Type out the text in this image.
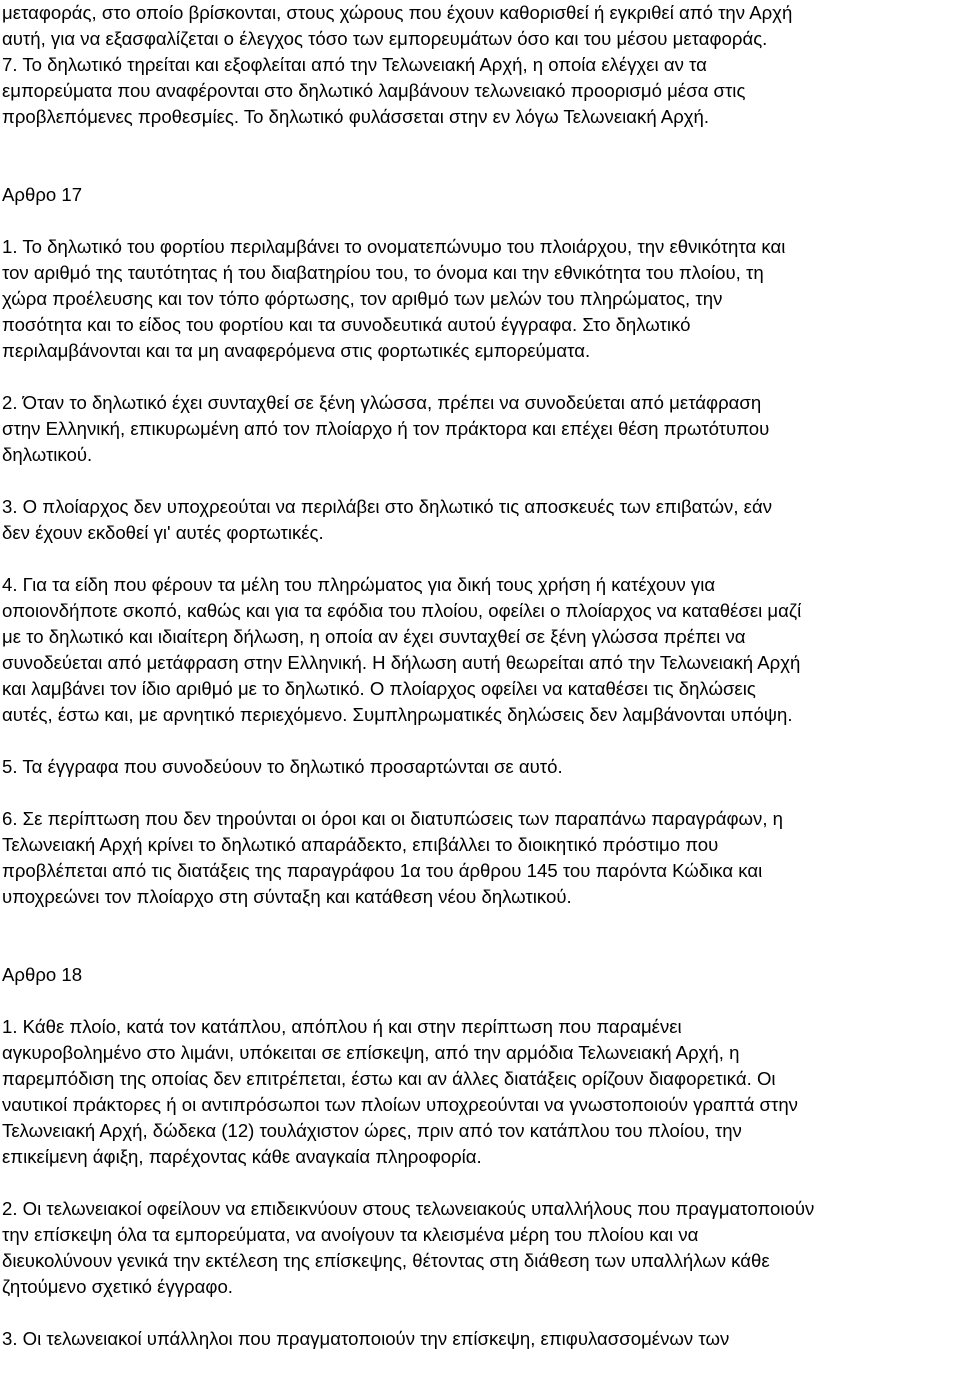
μεταφοράς, στο οποίο βρίσκονται, στους χώρους που έχουν καθορισθεί ή εγκριθεί από την Αρχή
αυτή, για να εξασφαλίζεται ο έλεγχος τόσο των εμπορευμάτων όσο και του μέσου μεταφοράς.
7. Το δηλωτικό τηρείται και εξοφλείται από την Τελωνειακή Αρχή, η οποία ελέγχει αν τα
εμπορεύματα που αναφέρονται στο δηλωτικό λαμβάνουν τελωνειακό προορισμό μέσα στις
προβλεπόμενες προθεσμίες. Το δηλωτικό φυλάσσεται στην εν λόγω Τελωνειακή Αρχή.
Αρθρο 17
1. Το δηλωτικό του φορτίου περιλαμβάνει το ονοματεπώνυμο του πλοιάρχου, την εθνικότητα και
τον αριθμό της ταυτότητας ή του διαβατηρίου του, το όνομα και την εθνικότητα του πλοίου, τη
χώρα προέλευσης και τον τόπο φόρτωσης, τον αριθμό των μελών του πληρώματος, την
ποσότητα και το είδος του φορτίου και τα συνοδευτικά αυτού έγγραφα. Στο δηλωτικό
περιλαμβάνονται και τα μη αναφερόμενα στις φορτωτικές εμπορεύματα.
2. Όταν το δηλωτικό έχει συνταχθεί σε ξένη γλώσσα, πρέπει να συνοδεύεται από μετάφραση
στην Ελληνική, επικυρωμένη από τον πλοίαρχο ή τον πράκτορα και επέχει θέση πρωτότυπου
δηλωτικού.
3. Ο πλοίαρχος δεν υποχρεούται να περιλάβει στο δηλωτικό τις αποσκευές των επιβατών, εάν
δεν έχουν εκδοθεί γι' αυτές φορτωτικές.
4. Για τα είδη που φέρουν τα μέλη του πληρώματος για δική τους χρήση ή κατέχουν για
οποιονδήποτε σκοπό, καθώς και για τα εφόδια του πλοίου, οφείλει ο πλοίαρχος να καταθέσει μαζί
με το δηλωτικό και ιδιαίτερη δήλωση, η οποία αν έχει συνταχθεί σε ξένη γλώσσα πρέπει να
συνοδεύεται από μετάφραση στην Ελληνική. Η δήλωση αυτή θεωρείται από την Τελωνειακή Αρχή
και λαμβάνει τον ίδιο αριθμό με το δηλωτικό. Ο πλοίαρχος οφείλει να καταθέσει τις δηλώσεις
αυτές, έστω και, με αρνητικό περιεχόμενο. Συμπληρωματικές δηλώσεις δεν λαμβάνονται υπόψη.
5. Τα έγγραφα που συνοδεύουν το δηλωτικό προσαρτώνται σε αυτό.
6. Σε περίπτωση που δεν τηρούνται οι όροι και οι διατυπώσεις των παραπάνω παραγράφων, η
Τελωνειακή Αρχή κρίνει το δηλωτικό απαράδεκτο, επιβάλλει το διοικητικό πρόστιμο που
προβλέπεται από τις διατάξεις της παραγράφου 1α του άρθρου 145 του παρόντα Κώδικα και
υποχρεώνει τον πλοίαρχο στη σύνταξη και κατάθεση νέου δηλωτικού.
Αρθρο 18
1. Κάθε πλοίο, κατά τον κατάπλου, απόπλου ή και στην περίπτωση που παραμένει
αγκυροβολημένο στο λιμάνι, υπόκειται σε επίσκεψη, από την αρμόδια Τελωνειακή Αρχή, η
παρεμπόδιση της οποίας δεν επιτρέπεται, έστω και αν άλλες διατάξεις ορίζουν διαφορετικά. Οι
ναυτικοί πράκτορες ή οι αντιπρόσωποι των πλοίων υποχρεούνται να γνωστοποιούν γραπτά στην
Τελωνειακή Αρχή, δώδεκα (12) τουλάχιστον ώρες, πριν από τον κατάπλου του πλοίου, την
επικείμενη άφιξη, παρέχοντας κάθε αναγκαία πληροφορία.
2. Οι τελωνειακοί οφείλουν να επιδεικνύουν στους τελωνειακούς υπαλλήλους που πραγματοποιούν
την επίσκεψη όλα τα εμπορεύματα, να ανοίγουν τα κλεισμένα μέρη του πλοίου και να
διευκολύνουν γενικά την εκτέλεση της επίσκεψης, θέτοντας στη διάθεση των υπαλλήλων κάθε
ζητούμενο σχετικό έγγραφο.
3. Οι τελωνειακοί υπάλληλοι που πραγματοποιούν την επίσκεψη, επιφυλασσομένων των
